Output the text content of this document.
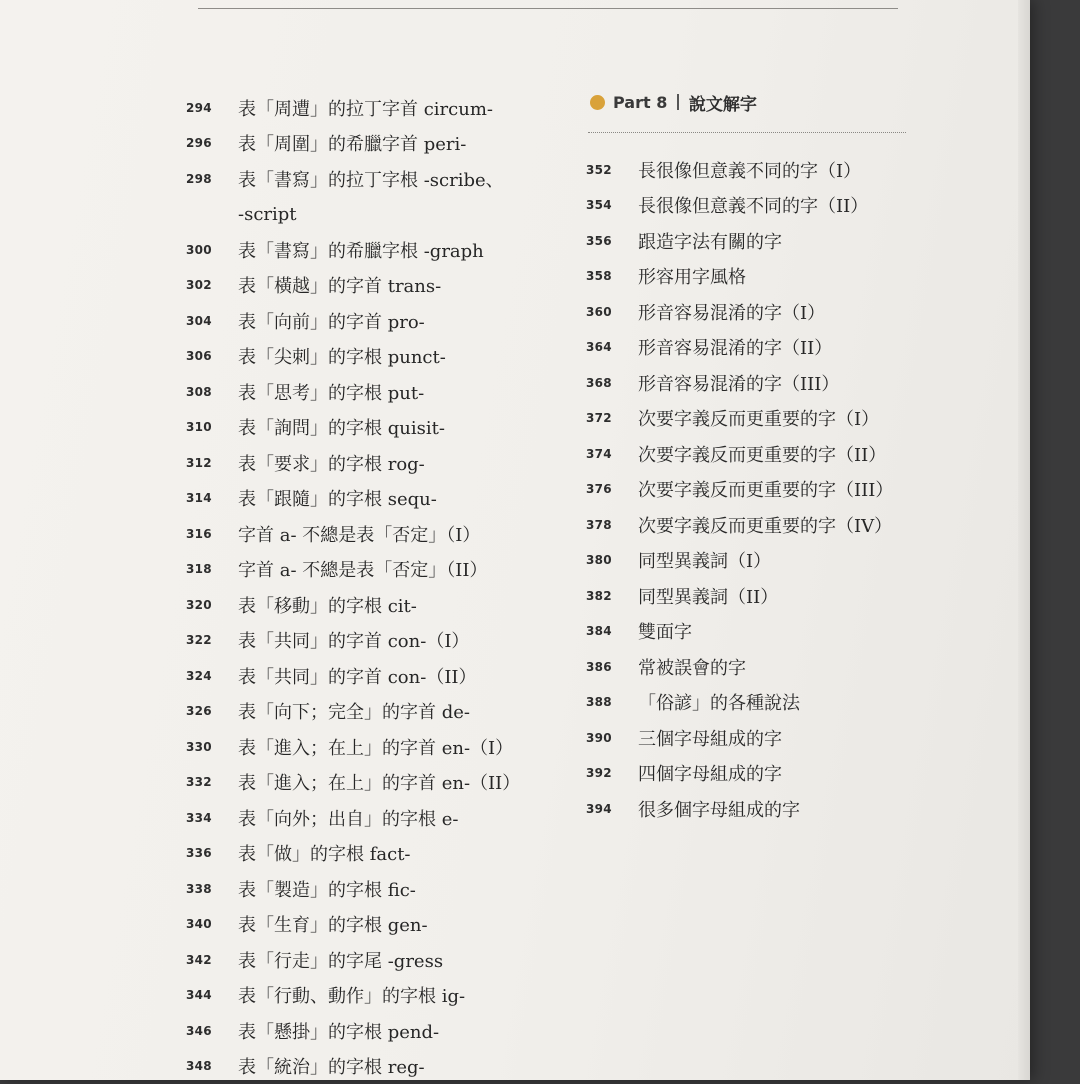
294	表「周遭」的拉丁字首 circum-
296	表「周圍」的希臘字首 peri-
298	表「書寫」的拉丁字根 -scribe、
-script
300	表「書寫」的希臘字根 -graph
302	表「橫越」的字首 trans-
304	表「向前」的字首 pro-
306	表「尖刺」的字根 punct-
308	表「思考」的字根 put-
310	表「詢問」的字根 quisit-
312	表「要求」的字根 rog-
314	表「跟隨」的字根 sequ-
316	字首 a- 不總是表「否定」（I）
318	字首 a- 不總是表「否定」（II）
320	表「移動」的字根 cit-
322	表「共同」的字首 con-（I）
324	表「共同」的字首 con-（II）
326	表「向下；完全」的字首 de-
330	表「進入；在上」的字首 en-（I）
332	表「進入；在上」的字首 en-（II）
334	表「向外；出自」的字根 e-
336	表「做」的字根 fact-
338	表「製造」的字根 fic-
340	表「生育」的字根 gen-
342	表「行走」的字尾 -gress
344	表「行動、動作」的字根 ig-
346	表「懸掛」的字根 pend-
348	表「統治」的字根 reg-
Part 8 說文解字
352	長很像但意義不同的字（I）
354	長很像但意義不同的字（II）
356	跟造字法有關的字
358	形容用字風格
360	形音容易混淆的字（I）
364	形音容易混淆的字（II）
368	形音容易混淆的字（III）
372	次要字義反而更重要的字（I）
374	次要字義反而更重要的字（II）
376	次要字義反而更重要的字（III）
378	次要字義反而更重要的字（IV）
380	同型異義詞（I）
382	同型異義詞（II）
384	雙面字
386	常被誤會的字
388	「俗諺」的各種說法
390	三個字母組成的字
392	四個字母組成的字
394	很多個字母組成的字
